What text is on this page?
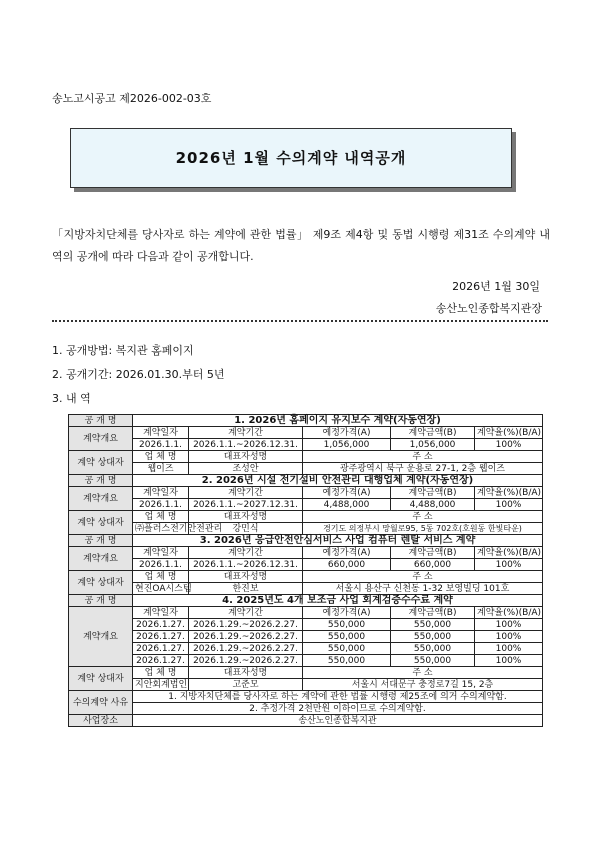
송노고시공고 제2026-002-03호
2026년 1월 수의계약 내역공개
「지방자치단체를 당사자로 하는 계약에 관한 법률」 제9조 제4항 및 동법 시행령 제31조 수의계약 내역의 공개에 따라 다음과 같이 공개합니다.
2026년 1월 30일
송산노인종합복지관장
1. 공개방법: 복지관 홈페이지
2. 공개기간: 2026.01.30.부터 5년
3. 내 역
공 개 명	1. 2026년 홈페이지 유지보수 계약(자동연장)				
계약개요	계약일자	계약기간	예정가격(A)	계약금액(B)	계약율(%)(B/A)
	2026.1.1.	2026.1.1.~2026.12.31.	1,056,000	1,056,000	100%
계약 상대자	업 체 명	대표자성명	주 소		
	웹이즈	조성안	광주광역시 북구 운용로 27-1, 2층 웹이즈		
공 개 명	2. 2026년 시설 전기설비 안전관리 대행업체 계약(자동연장)				
계약개요	계약일자	계약기간	예정가격(A)	계약금액(B)	계약율(%)(B/A)
	2026.1.1.	2026.1.1.~2027.12.31.	4,488,000	4,488,000	100%
계약 상대자	업 체 명	대표자성명	주 소		
	㈜플러스전기안전관리	강민식	경기도 의정부시 망월로95, 5동 702호(호원동 한빛타운)		
공 개 명	3. 2026년 응급안전안심서비스 사업 컴퓨터 렌탈 서비스 계약				
계약개요	계약일자	계약기간	예정가격(A)	계약금액(B)	계약율(%)(B/A)
	2026.1.1.	2026.1.1.~2026.12.31.	660,000	660,000	100%
계약 상대자	업 체 명	대표자성명	주 소		
	현진OA시스템	한진보	서울시 용산구 신천동 1-32 보영빌딩 101호		
공 개 명	4. 2025년도 4개 보조금 사업 회계검증수수료 계약				
계약개요	계약일자	계약기간	예정가격(A)	계약금액(B)	계약율(%)(B/A)
	2026.1.27.	2026.1.29.~2026.2.27.	550,000	550,000	100%
	2026.1.27.	2026.1.29.~2026.2.27.	550,000	550,000	100%
	2026.1.27.	2026.1.29.~2026.2.27.	550,000	550,000	100%
	2026.1.27.	2026.1.29.~2026.2.27.	550,000	550,000	100%
계약 상대자	업 체 명	대표자성명	주 소		
	지안회계법인	고준모	서울시 서대문구 충정로7길 15, 2층		
수의계약 사유	1. 지방자치단체를 당사자로 하는 계약에 관한 법률 시행령 제25조에 의거 수의계약함.				
	2. 추정가격 2천만원 이하이므로 수의계약함.				
사업장소	송산노인종합복지관				
